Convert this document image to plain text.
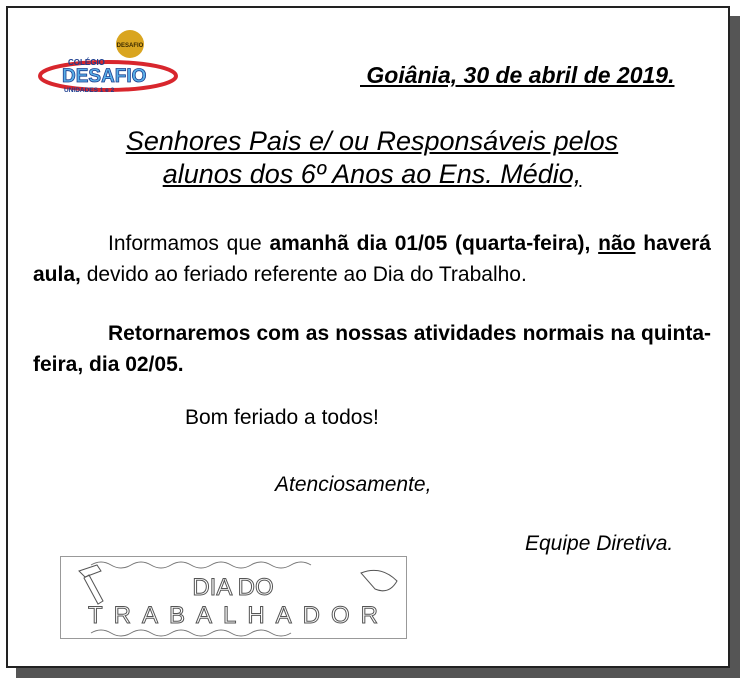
DESAFIO
COLÉGIO
DESAFIO
UNIDADES 1 e 2
Goiânia, 30 de abril de 2019.
Senhores Pais e/ ou Responsáveis pelos
alunos dos 6º Anos ao Ens. Médio,
Informamos que amanhã dia 01/05 (quarta-feira), não haverá aula, devido ao feriado referente ao Dia do Trabalho.
Retornaremos com as nossas atividades normais na quinta-feira, dia 02/05.
Bom feriado a todos!
Atenciosamente,
Equipe Diretiva.
DIA DO
TRABALHADOR
